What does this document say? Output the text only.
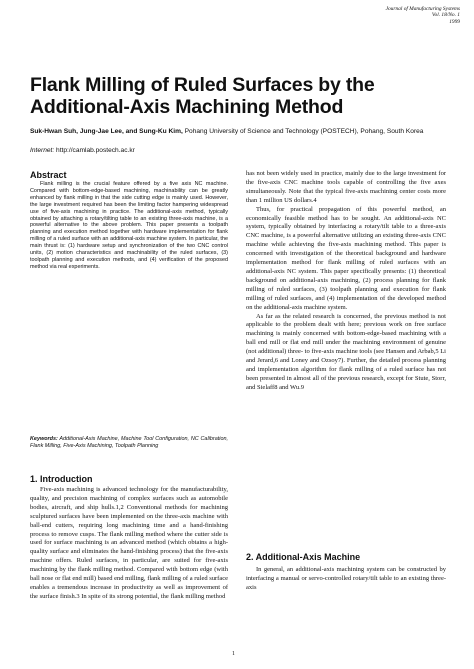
Journal of Manufacturing Systems
Vol. 18/No. 1
1999
Flank Milling of Ruled Surfaces by the Additional-Axis Machining Method
Suk-Hwan Suh, Jung-Jae Lee, and Sung-Ku Kim, Pohang University of Science and Technology (POSTECH), Pohang, South Korea
Internet: http://camlab.postech.ac.kr
Abstract
Flank milling is the crucial feature offered by a five axis NC machine. Compared with bottom-edge-based machining, machinability can be greatly enhanced by flank milling in that the side cutting edge is mainly used. However, the large investment required has been the limiting factor hampering widespread use of five-axis machining in practice. The additional-axis method, typically obtained by attaching a rotary/tilting table to an existing three-axis machine, is a powerful alternative to the above problem. This paper presents a toolpath planning and execution method together with hardware implementation for flank milling of a ruled surface with an additional-axis machine system. In particular, the main thrust is: (1) hardware setup and synchronization of the two CNC control units, (2) motion characteristics and machinability of the ruled surfaces, (3) toolpath planning and execution methods, and (4) verification of the proposed method via real experiments.
Keywords: Additional-Axis Machine, Machine Tool Configuration, NC Calibration, Flank Milling, Five-Axis Machining, Toolpath Planning
1. Introduction
Five-axis machining is advanced technology for the manufacturability, quality, and precision machining of complex surfaces such as automobile bodies, aircraft, and ship hulls.1,2 Conventional methods for machining sculptured surfaces have been implemented on the three-axis machine with ball-end cutters, requiring long machining time and a hand-finishing process to remove cusps. The flank milling method where the cutter side is used for surface machining is an advanced method (which obtains a high-quality surface and eliminates the hand-finishing process) that the five-axis machine offers. Ruled surfaces, in particular, are suited for five-axis machining by the flank milling method. Compared with bottom edge (with ball nose or flat end mill) based end milling, flank milling of a ruled surface enables a tremendous increase in productivity as well as improvement of the surface finish.3 In spite of its strong potential, the flank milling method

has not been widely used in practice, mainly due to the large investment for the five-axis CNC machine tools capable of controlling the five axes simultaneously. Note that the typical five-axis machining center costs more than 1 million US dollars.4

Thus, for practical propagation of this powerful method, an economically feasible method has to be sought. An additional-axis NC system, typically obtained by interfacing a rotary/tilt table to a three-axis CNC machine, is a powerful alternative utilizing an existing three-axis CNC machine while achieving the five-axis machining method. This paper is concerned with investigation of the theoretical background and hardware implementation method for flank milling of ruled surfaces with an additional-axis NC system. This paper specifically presents: (1) theoretical background on additional-axis machining, (2) process planning for flank milling of ruled surfaces, (3) toolpath planning and execution for flank milling of ruled surfaces, and (4) implementation of the developed method on the additional-axis machine system.

As far as the related research is concerned, the previous method is not applicable to the problem dealt with here; previous work on free surface machining is mainly concerned with bottom-edge-based machining with a ball end mill or flat end mill under the machining environment of genuine (not additional) three- to five-axis machine tools (see Hansen and Arbab,5 Li and Jerard,6 and Loney and Ozsoy7). Further, the detailed process planning and implementation algorithm for flank milling of a ruled surface has not been presented in almost all of the previous research, except for Stute, Storr, and Sielaff8 and Wu.9

2. Additional-Axis Machine
In general, an additional-axis machining system can be constructed by interfacing a manual or servo-controlled rotary/tilt table to an existing three-axis
1
